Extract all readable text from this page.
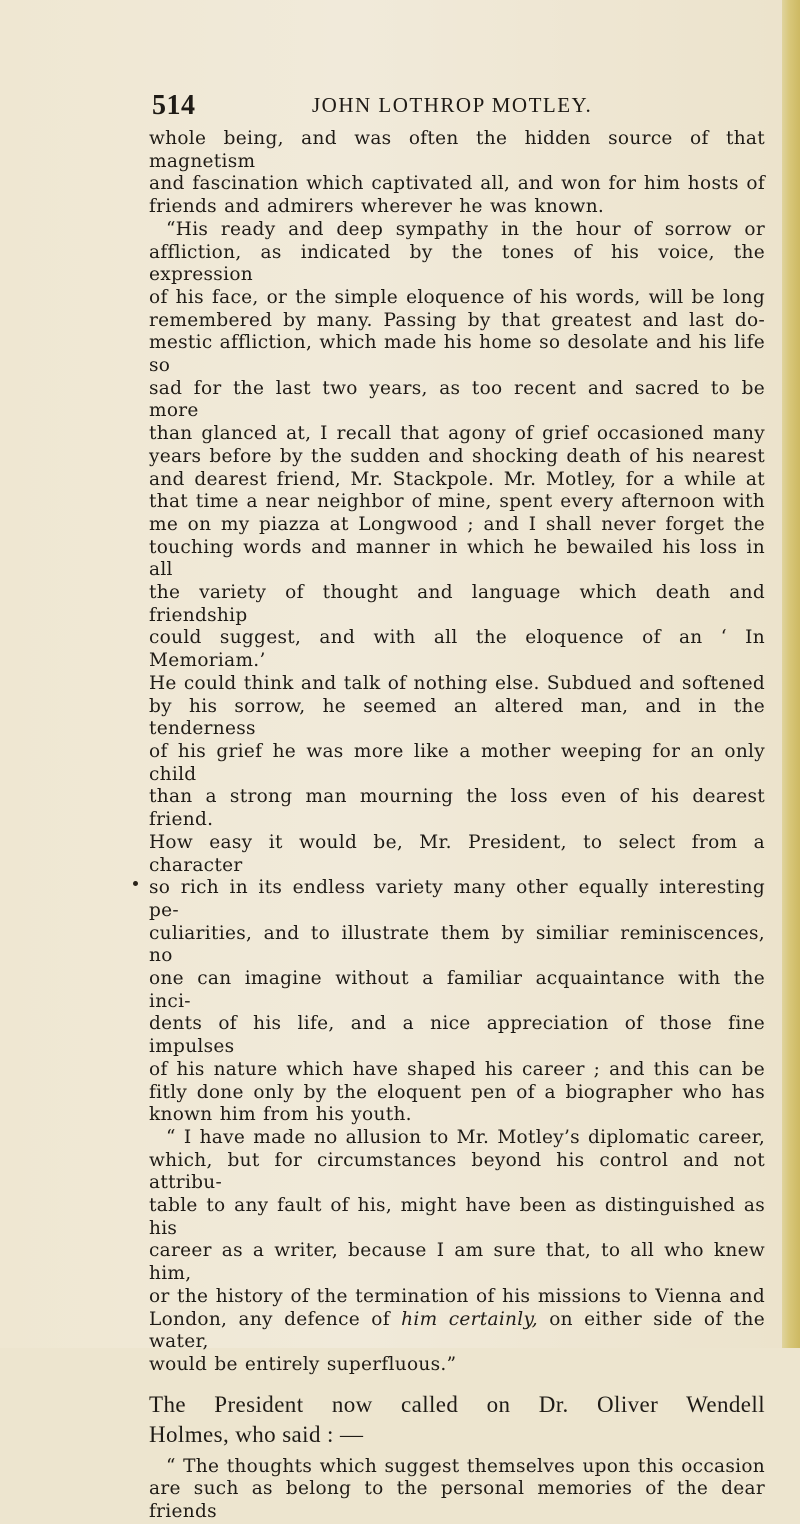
514	JOHN LOTHROP MOTLEY.

whole being, and was often the hidden source of that magnetism

and fascination which captivated all, and won for him hosts of

friends and admirers wherever he was known.

“His ready and deep sympathy in the hour of sorrow or

affliction, as indicated by the tones of his voice, the expression

of his face, or the simple eloquence of his words, will be long

remembered by many. Passing by that greatest and last do-

mestic affliction, which made his home so desolate and his life so

sad for the last two years, as too recent and sacred to be more

than glanced at, I recall that agony of grief occasioned many

years before by the sudden and shocking death of his nearest

and dearest friend, Mr. Stackpole. Mr. Motley, for a while at

that time a near neighbor of mine, spent every afternoon with

me on my piazza at Longwood ; and I shall never forget the

touching words and manner in which he bewailed his loss in all

the variety of thought and language which death and friendship

could suggest, and with all the eloquence of an ‘ In Memoriam.’

He could think and talk of nothing else. Subdued and softened

by his sorrow, he seemed an altered man, and in the tenderness

of his grief he was more like a mother weeping for an only child

than a strong man mourning the loss even of his dearest friend.

How easy it would be, Mr. President, to select from a character

so rich in its endless variety many other equally interesting pe-

culiarities, and to illustrate them by similiar reminiscences, no

one can imagine without a familiar acquaintance with the inci-

dents of his life, and a nice appreciation of those fine impulses

of his nature which have shaped his career ; and this can be

fitly done only by the eloquent pen of a biographer who has

known him from his youth.

“ I have made no allusion to Mr. Motley’s diplomatic career,

which, but for circumstances beyond his control and not attribu-

table to any fault of his, might have been as distinguished as his

career as a writer, because I am sure that, to all who knew him,

or the history of the termination of his missions to Vienna and

London, any defence of him certainly, on either side of the water,

would be entirely superfluous.”

The President now called on Dr. Oliver Wendell

Holmes, who said : —

“ The thoughts which suggest themselves upon this occasion

are such as belong to the personal memories of the dear friends
